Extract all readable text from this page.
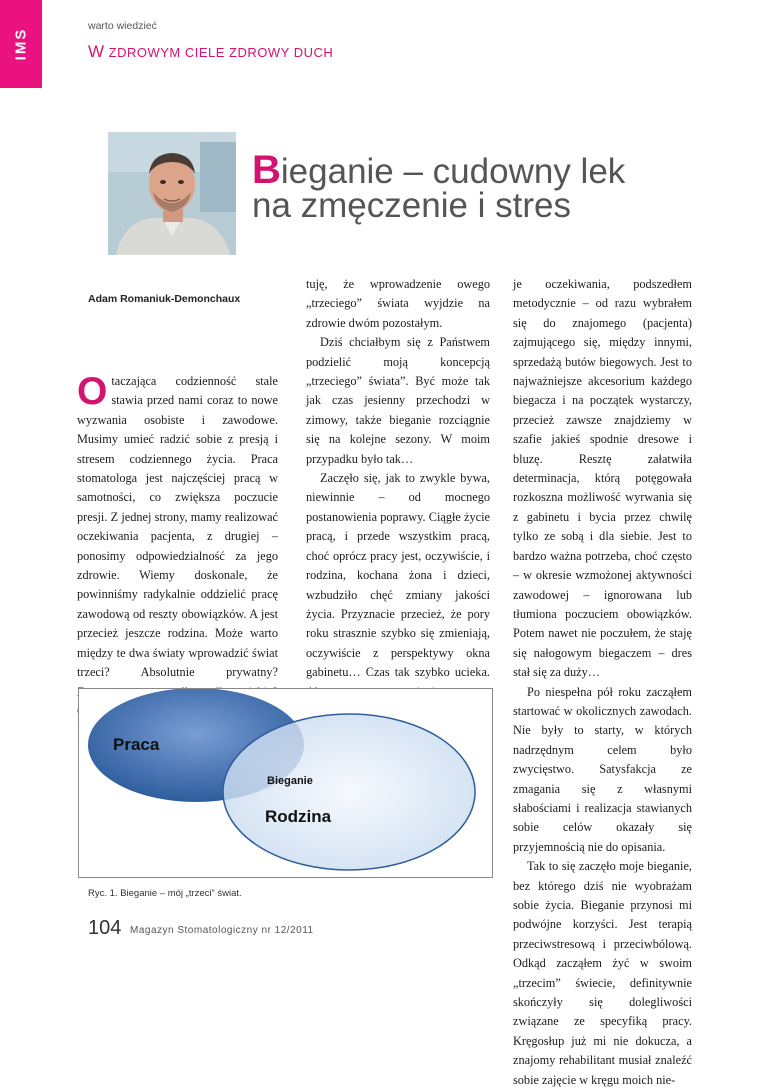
IMS
warto wiedzieć
W ZDROWYM CIELE ZDROWY DUCH
Bieganie – cudowny lek
na zmęczenie i stres
Adam Romaniuk-Demonchaux

Otaczająca codzienność stale stawia przed nami coraz to nowe wyzwania osobiste i zawodowe. Musimy umieć radzić sobie z presją i stresem codziennego życia. Praca stomatologa jest najczęściej pracą w samotności, co zwiększa poczucie presji. Z jednej strony, mamy realizować oczekiwania pacjenta, z drugiej – ponosimy odpowiedzialność za jego zdrowie. Wiemy doskonale, że powinniśmy radykalnie oddzielić pracę zawodową od reszty obowiązków. A jest przecież jeszcze rodzina. Może warto między te dwa światy wprowadzić świat trzeci? Absolutnie prywatny?

tuję, że wprowadzenie owego „trzeciego” świata wyjdzie na zdrowie dwóm pozostałym.

Dziś chciałbym się z Państwem podzielić moją koncepcją „trzeciego” świata”. Być może tak jak czas jesienny przechodzi w zimowy, także bieganie rozciągnie się na kolejne sezony. W moim przypadku było tak…

Zaczęło się, jak to zwykle bywa, niewinnie – od mocnego postanowienia poprawy. Ciągłe życie pracą, i przede wszystkim pracą, choć oprócz pracy jest, oczywiście, i rodzina, kochana żona i dzieci, wzbudziło chęć zmiany jakości życia. Przyznacie przecież, że pory roku strasznie szybko się zmieniają, oczywiście z perspektywy okna gabinetu… Czas tak szybko ucieka.

je oczekiwania, podszedłem metodycznie – od razu wybrałem się do znajomego (pacjenta) zajmującego się, między innymi, sprzedażą butów biegowych. Jest to najważniejsze akcesorium każdego biegacza i na początek wystarczy, przecież zawsze znajdziemy w szafie jakieś spodnie dresowe i bluzę. Resztę załatwiła determinacja, którą potęgowała rozkoszna możliwość wyrwania się z gabinetu i bycia przez chwilę tylko ze sobą i dla siebie. Jest to bardzo ważna potrzeba, choć często – w okresie wzmożonej aktywności zawodowej – ignorowana lub tłumiona poczuciem obowiązków. Potem nawet nie poczułem, że staję się nałogowym biegaczem – dres stał się za duży…

Po niespełna pół roku zacząłem startować w okolicznych zawodach. Nie były to starty, w których nadrzędnym celem było zwycięstwo. Satysfakcja ze zmagania się z własnymi słabościami i realizacja stawianych sobie celów okazały się przyjemnością nie do opisania.

Tak to się zaczęło moje bieganie, bez którego dziś nie wyobrażam sobie życia. Bieganie przynosi mi podwójne korzyści. Jest terapią przeciwstresową i przeciwbólową. Odkąd zacząłem żyć w swoim „trzecim” świecie, definitywnie skończyły się dolegliwości związane ze specyfiką pracy. Kręgosłup już mi nie dokucza, a znajomy rehabilitant musiał znaleźć sobie zajęcie w kręgu moich nie-

Praca
Bieganie
Rodzina
Ryc. 1. Bieganie – mój „trzeci” świat.
104 Magazyn Stomatologiczny nr 12/2011
